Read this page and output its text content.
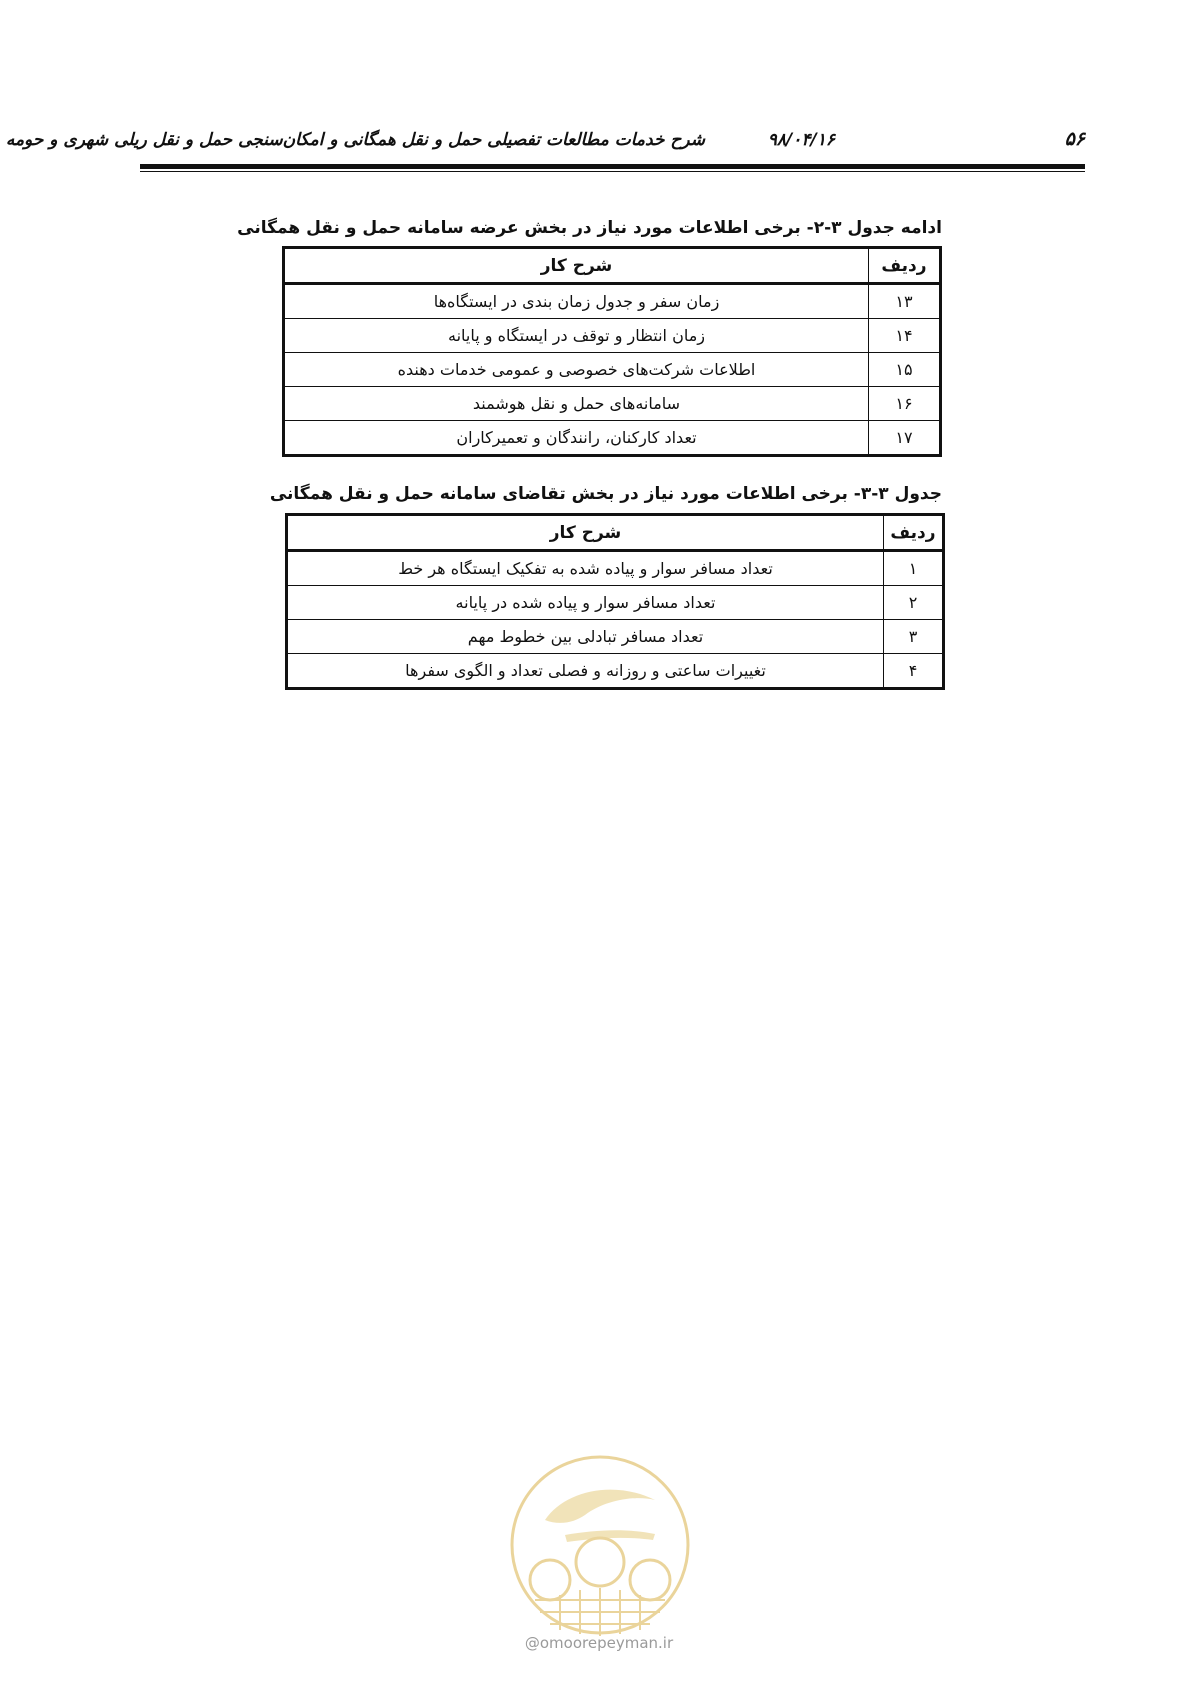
۵۶
۹۸/۰۴/۱۶
شرح خدمات مطالعات تفصیلی حمل و نقل همگانی و امکان‌سنجی حمل و نقل ریلی شهری و حومه
ادامه جدول ۳-۲- برخی اطلاعات مورد نیاز در بخش عرضه سامانه حمل و نقل همگانی
ردیف	شرح کار
۱۳	زمان سفر و جدول زمان بندی در ایستگاه‌ها
۱۴	زمان انتظار و توقف در ایستگاه و پایانه
۱۵	اطلاعات شرکت‌های خصوصی و عمومی خدمات دهنده
۱۶	سامانه‌های حمل و نقل هوشمند
۱۷	تعداد کارکنان، رانندگان و تعمیرکاران
جدول ۳-۳- برخی اطلاعات مورد نیاز در بخش تقاضای سامانه حمل و نقل همگانی
ردیف	شرح کار
۱	تعداد مسافر سوار و پیاده شده به تفکیک ایستگاه هر خط
۲	تعداد مسافر سوار و پیاده شده در پایانه
۳	تعداد مسافر تبادلی بین خطوط مهم
۴	تغییرات ساعتی و روزانه و فصلی تعداد و الگوی سفرها
@omoorepeyman.ir
